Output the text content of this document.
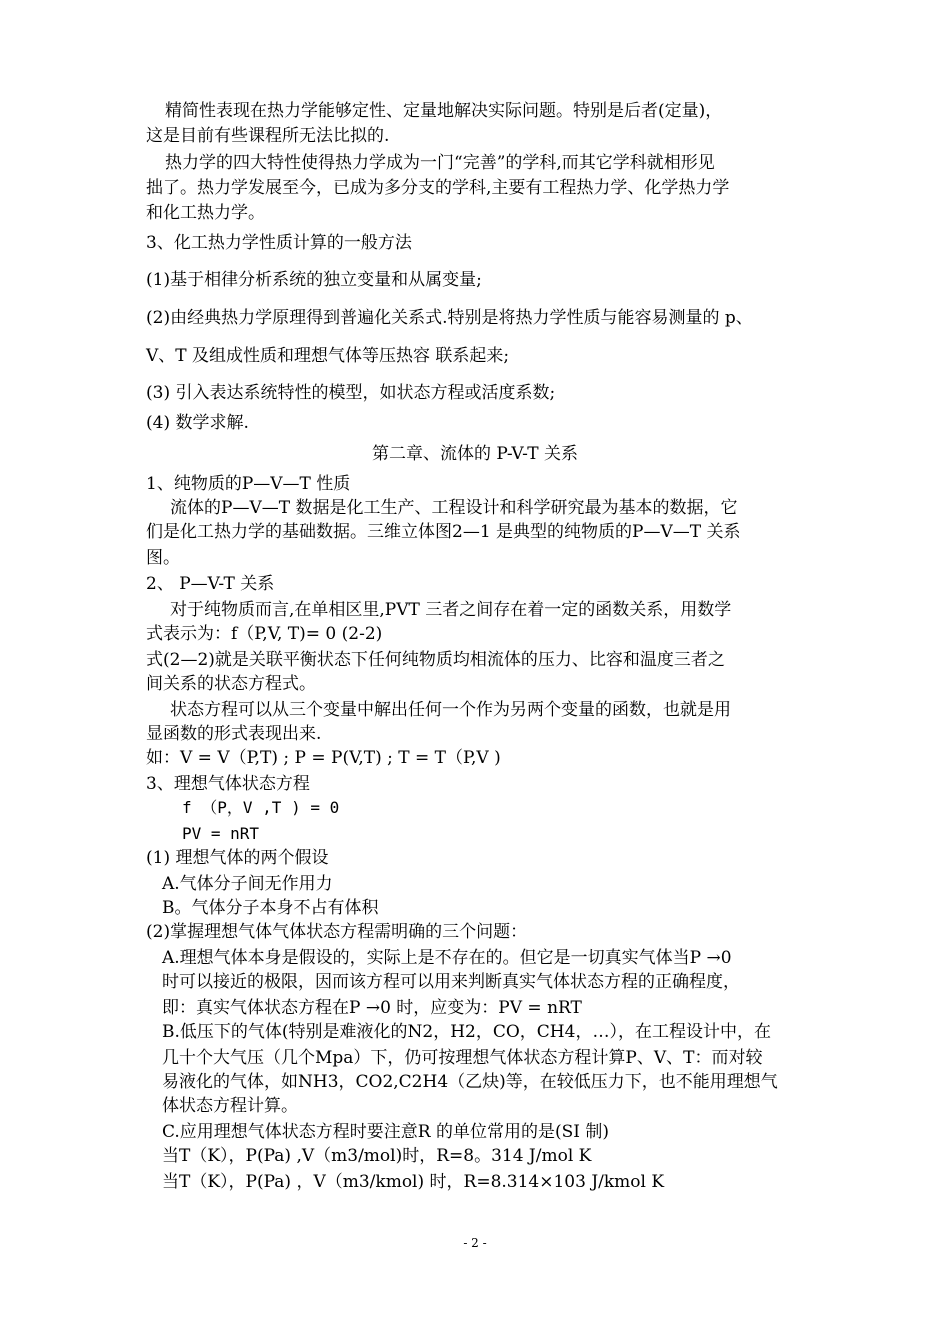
精简性表现在热力学能够定性、定量地解决实际问题。特别是后者(定量)，
这是目前有些课程所无法比拟的.
热力学的四大特性使得热力学成为一门“完善”的学科,而其它学科就相形见
拙了。热力学发展至今，已成为多分支的学科,主要有工程热力学、化学热力学
和化工热力学。
3、化工热力学性质计算的一般方法
(1)基于相律分析系统的独立变量和从属变量;
(2)由经典热力学原理得到普遍化关系式.特别是将热力学性质与能容易测量的 p、
V、T 及组成性质和理想气体等压热容 联系起来;
(3) 引入表达系统特性的模型，如状态方程或活度系数;
(4) 数学求解.
第二章、流体的 P-V-T 关系
1、纯物质的P—V—T 性质
流体的P—V—T 数据是化工生产、工程设计和科学研究最为基本的数据，它
们是化工热力学的基础数据。三维立体图2—1 是典型的纯物质的P—V—T 关系
图。
2、 P—V-T 关系
对于纯物质而言,在单相区里,PVT 三者之间存在着一定的函数关系，用数学
式表示为：f（P,V, T)= 0 (2-2)
式(2—2)就是关联平衡状态下任何纯物质均相流体的压力、比容和温度三者之
间关系的状态方程式。
状态方程可以从三个变量中解出任何一个作为另两个变量的函数，也就是用
显函数的形式表现出来.
如：V = V（P,T) ; P = P(V,T) ; T = T（P,V )
3、理想气体状态方程
f （P，V ,T ) = 0
PV = nRT
(1) 理想气体的两个假设
A.气体分子间无作用力
B。气体分子本身不占有体积
(2)掌握理想气体气体状态方程需明确的三个问题：
A.理想气体本身是假设的，实际上是不存在的。但它是一切真实气体当P →0
时可以接近的极限，因而该方程可以用来判断真实气体状态方程的正确程度，
即：真实气体状态方程在P →0 时，应变为：PV = nRT
B.低压下的气体(特别是难液化的N2，H2，CO，CH4，…），在工程设计中，在
几十个大气压（几个Mpa）下，仍可按理想气体状态方程计算P、V、T：而对较
易液化的气体，如NH3，CO2,C2H4（乙炔)等，在较低压力下，也不能用理想气
体状态方程计算。
C.应用理想气体状态方程时要注意R 的单位常用的是(SI 制)
当T（K），P(Pa) ,V（m3/mol)时，R=8。314 J/mol K
当T（K），P(Pa) ，V（m3/kmol) 时，R=8.314×103 J/kmol K
- 2 -
